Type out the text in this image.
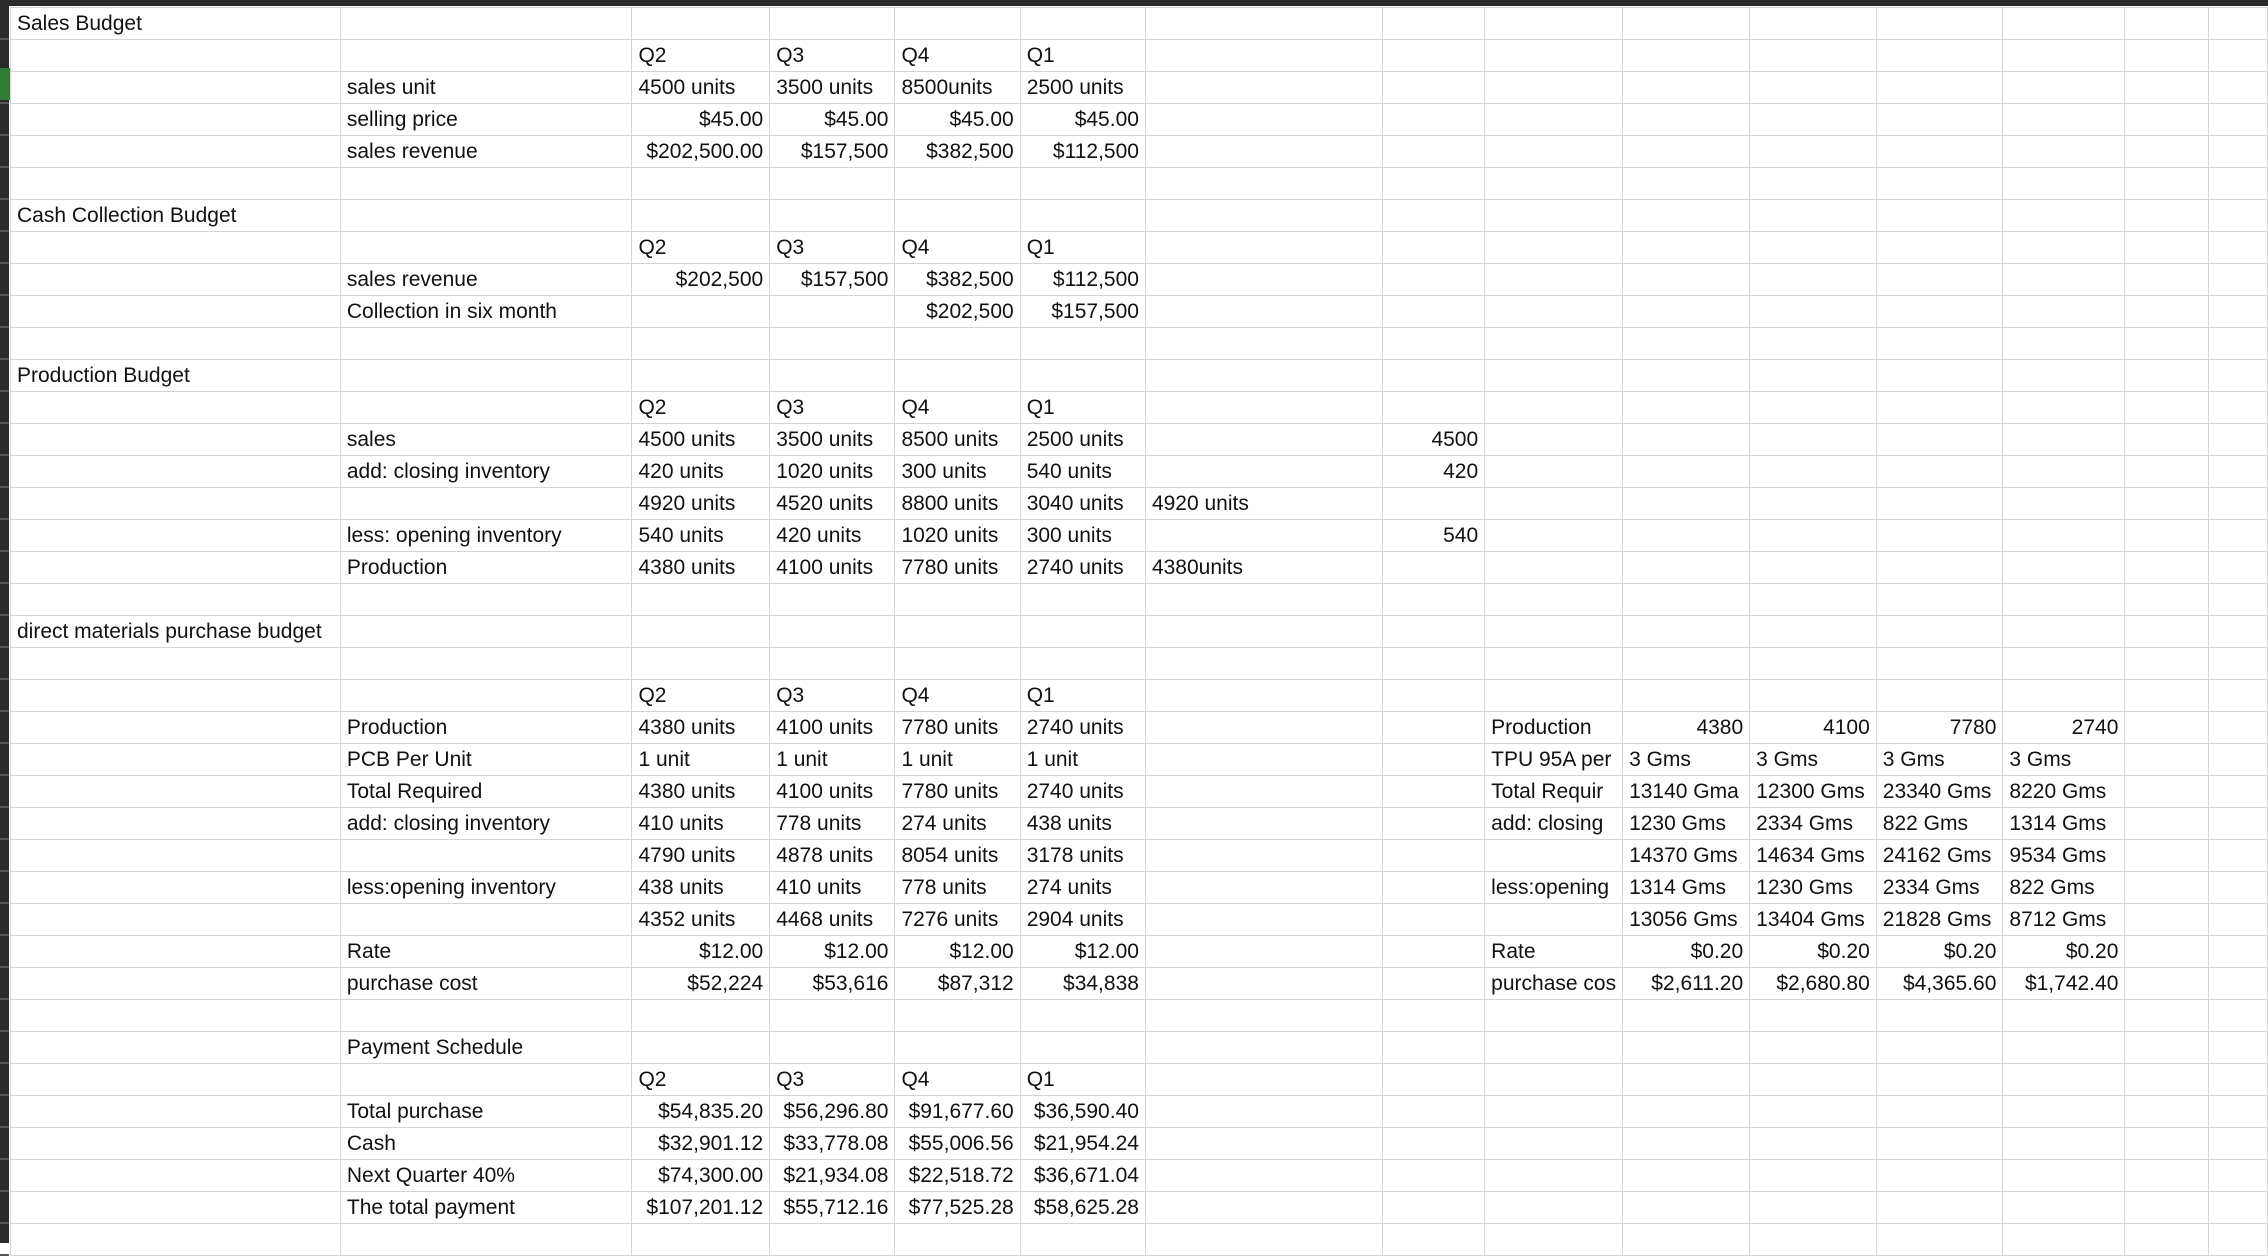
Sales Budget														
		Q2	Q3	Q4	Q1									
	sales unit	4500 units	3500 units	8500units	2500 units									
	selling price	$45.00	$45.00	$45.00	$45.00									
	sales revenue	$202,500.00	$157,500	$382,500	$112,500									

Cash Collection Budget														
		Q2	Q3	Q4	Q1									
	sales revenue	$202,500	$157,500	$382,500	$112,500									
	Collection in six month			$202,500	$157,500									

Production Budget														
		Q2	Q3	Q4	Q1									
	sales	4500 units	3500 units	8500 units	2500 units		4500							
	add: closing inventory	420 units	1020 units	300 units	540 units		420							
		4920 units	4520 units	8800 units	3040 units	4920 units								
	less: opening inventory	540 units	420 units	1020 units	300 units		540							
	Production	4380 units	4100 units	7780 units	2740 units	4380units								

direct materials purchase budget														

		Q2	Q3	Q4	Q1									
	Production	4380 units	4100 units	7780 units	2740 units			Production	4380	4100	7780	2740		
	PCB Per Unit	1 unit	1 unit	1 unit	1 unit			TPU 95A per	3 Gms	3 Gms	3 Gms	3 Gms		
	Total Required	4380 units	4100 units	7780 units	2740 units			Total Requir	13140 Gma	12300 Gms	23340 Gms	8220 Gms		
	add: closing inventory	410 units	778 units	274 units	438 units			add: closing	1230 Gms	2334 Gms	822 Gms	1314 Gms		
		4790 units	4878 units	8054 units	3178 units				14370 Gms	14634 Gms	24162 Gms	9534 Gms		
	less:opening inventory	438 units	410 units	778 units	274 units			less:opening	1314 Gms	1230 Gms	2334 Gms	822 Gms		
		4352 units	4468 units	7276 units	2904 units				13056 Gms	13404 Gms	21828 Gms	8712 Gms		
	Rate	$12.00	$12.00	$12.00	$12.00			Rate	$0.20	$0.20	$0.20	$0.20		
	purchase cost	$52,224	$53,616	$87,312	$34,838			purchase cos	$2,611.20	$2,680.80	$4,365.60	$1,742.40		

	Payment Schedule													
		Q2	Q3	Q4	Q1									
	Total purchase	$54,835.20	$56,296.80	$91,677.60	$36,590.40									
	Cash	$32,901.12	$33,778.08	$55,006.56	$21,954.24									
	Next Quarter 40%	$74,300.00	$21,934.08	$22,518.72	$36,671.04									
	The total payment	$107,201.12	$55,712.16	$77,525.28	$58,625.28									
